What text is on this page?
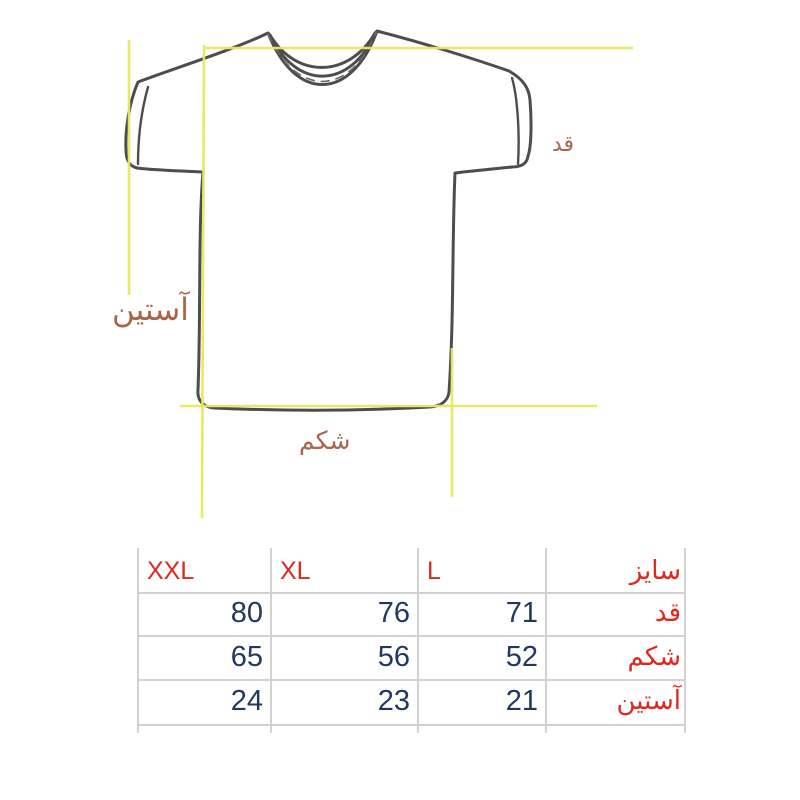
قد
آستین
شکم
XXL	XL	L	سایز
80	76	71	قد
65	56	52	شکم
24	23	21	آستین
